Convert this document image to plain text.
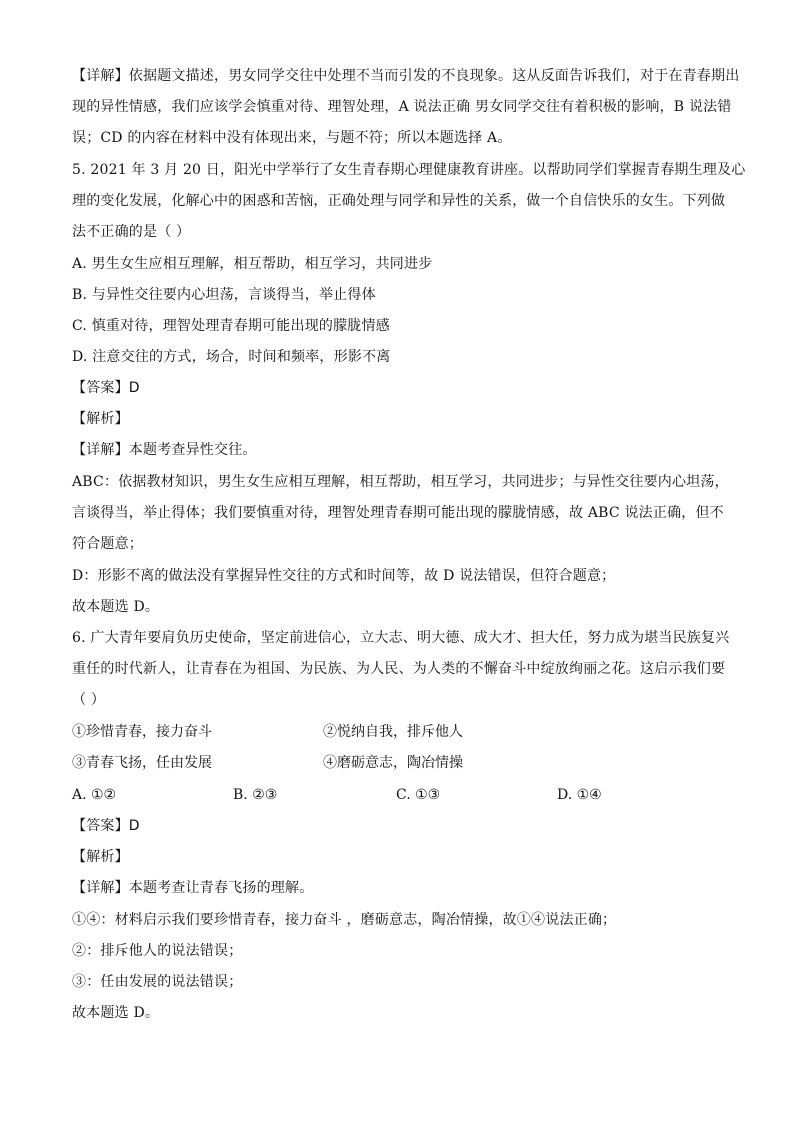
【详解】依据题文描述，男女同学交往中处理不当而引发的不良现象。这从反面告诉我们，对于在青春期出
现的异性情感，我们应该学会慎重对待、理智处理，A 说法正确 男女同学交往有着积极的影响，B 说法错
误；CD 的内容在材料中没有体现出来，与题不符；所以本题选择 A。
5. 2021 年 3 月 20 日，阳光中学举行了女生青春期心理健康教育讲座。以帮助同学们掌握青春期生理及心
理的变化发展，化解心中的困惑和苦恼，正确处理与同学和异性的关系，做一个自信快乐的女生。下列做
法不正确的是（ ）
A. 男生女生应相互理解，相互帮助，相互学习，共同进步
B. 与异性交往要内心坦荡，言谈得当，举止得体
C. 慎重对待，理智处理青春期可能出现的朦胧情感
D. 注意交往的方式，场合，时间和频率，形影不离
【答案】D
【解析】
【详解】本题考查异性交往。
ABC：依据教材知识，男生女生应相互理解，相互帮助，相互学习，共同进步；与异性交往要内心坦荡，
言谈得当，举止得体；我们要慎重对待，理智处理青春期可能出现的朦胧情感，故 ABC 说法正确，但不
符合题意；
D：形影不离的做法没有掌握异性交往的方式和时间等，故 D 说法错误，但符合题意；
故本题选 D。
6. 广大青年要肩负历史使命，坚定前进信心，立大志、明大德、成大才、担大任，努力成为堪当民族复兴
重任的时代新人，让青春在为祖国、为民族、为人民、为人类的不懈奋斗中绽放绚丽之花。这启示我们要
（ ）
①珍惜青春，接力奋斗	②悦纳自我，排斥他人
③青春飞扬，任由发展	④磨砺意志，陶冶情操
A. ①②	B. ②③	C. ①③	D. ①④
【答案】D
【解析】
【详解】本题考查让青春飞扬的理解。
①④：材料启示我们要珍惜青春，接力奋斗 ，磨砺意志，陶冶情操，故①④说法正确；
②：排斥他人的说法错误；
③：任由发展的说法错误；
故本题选 D。
